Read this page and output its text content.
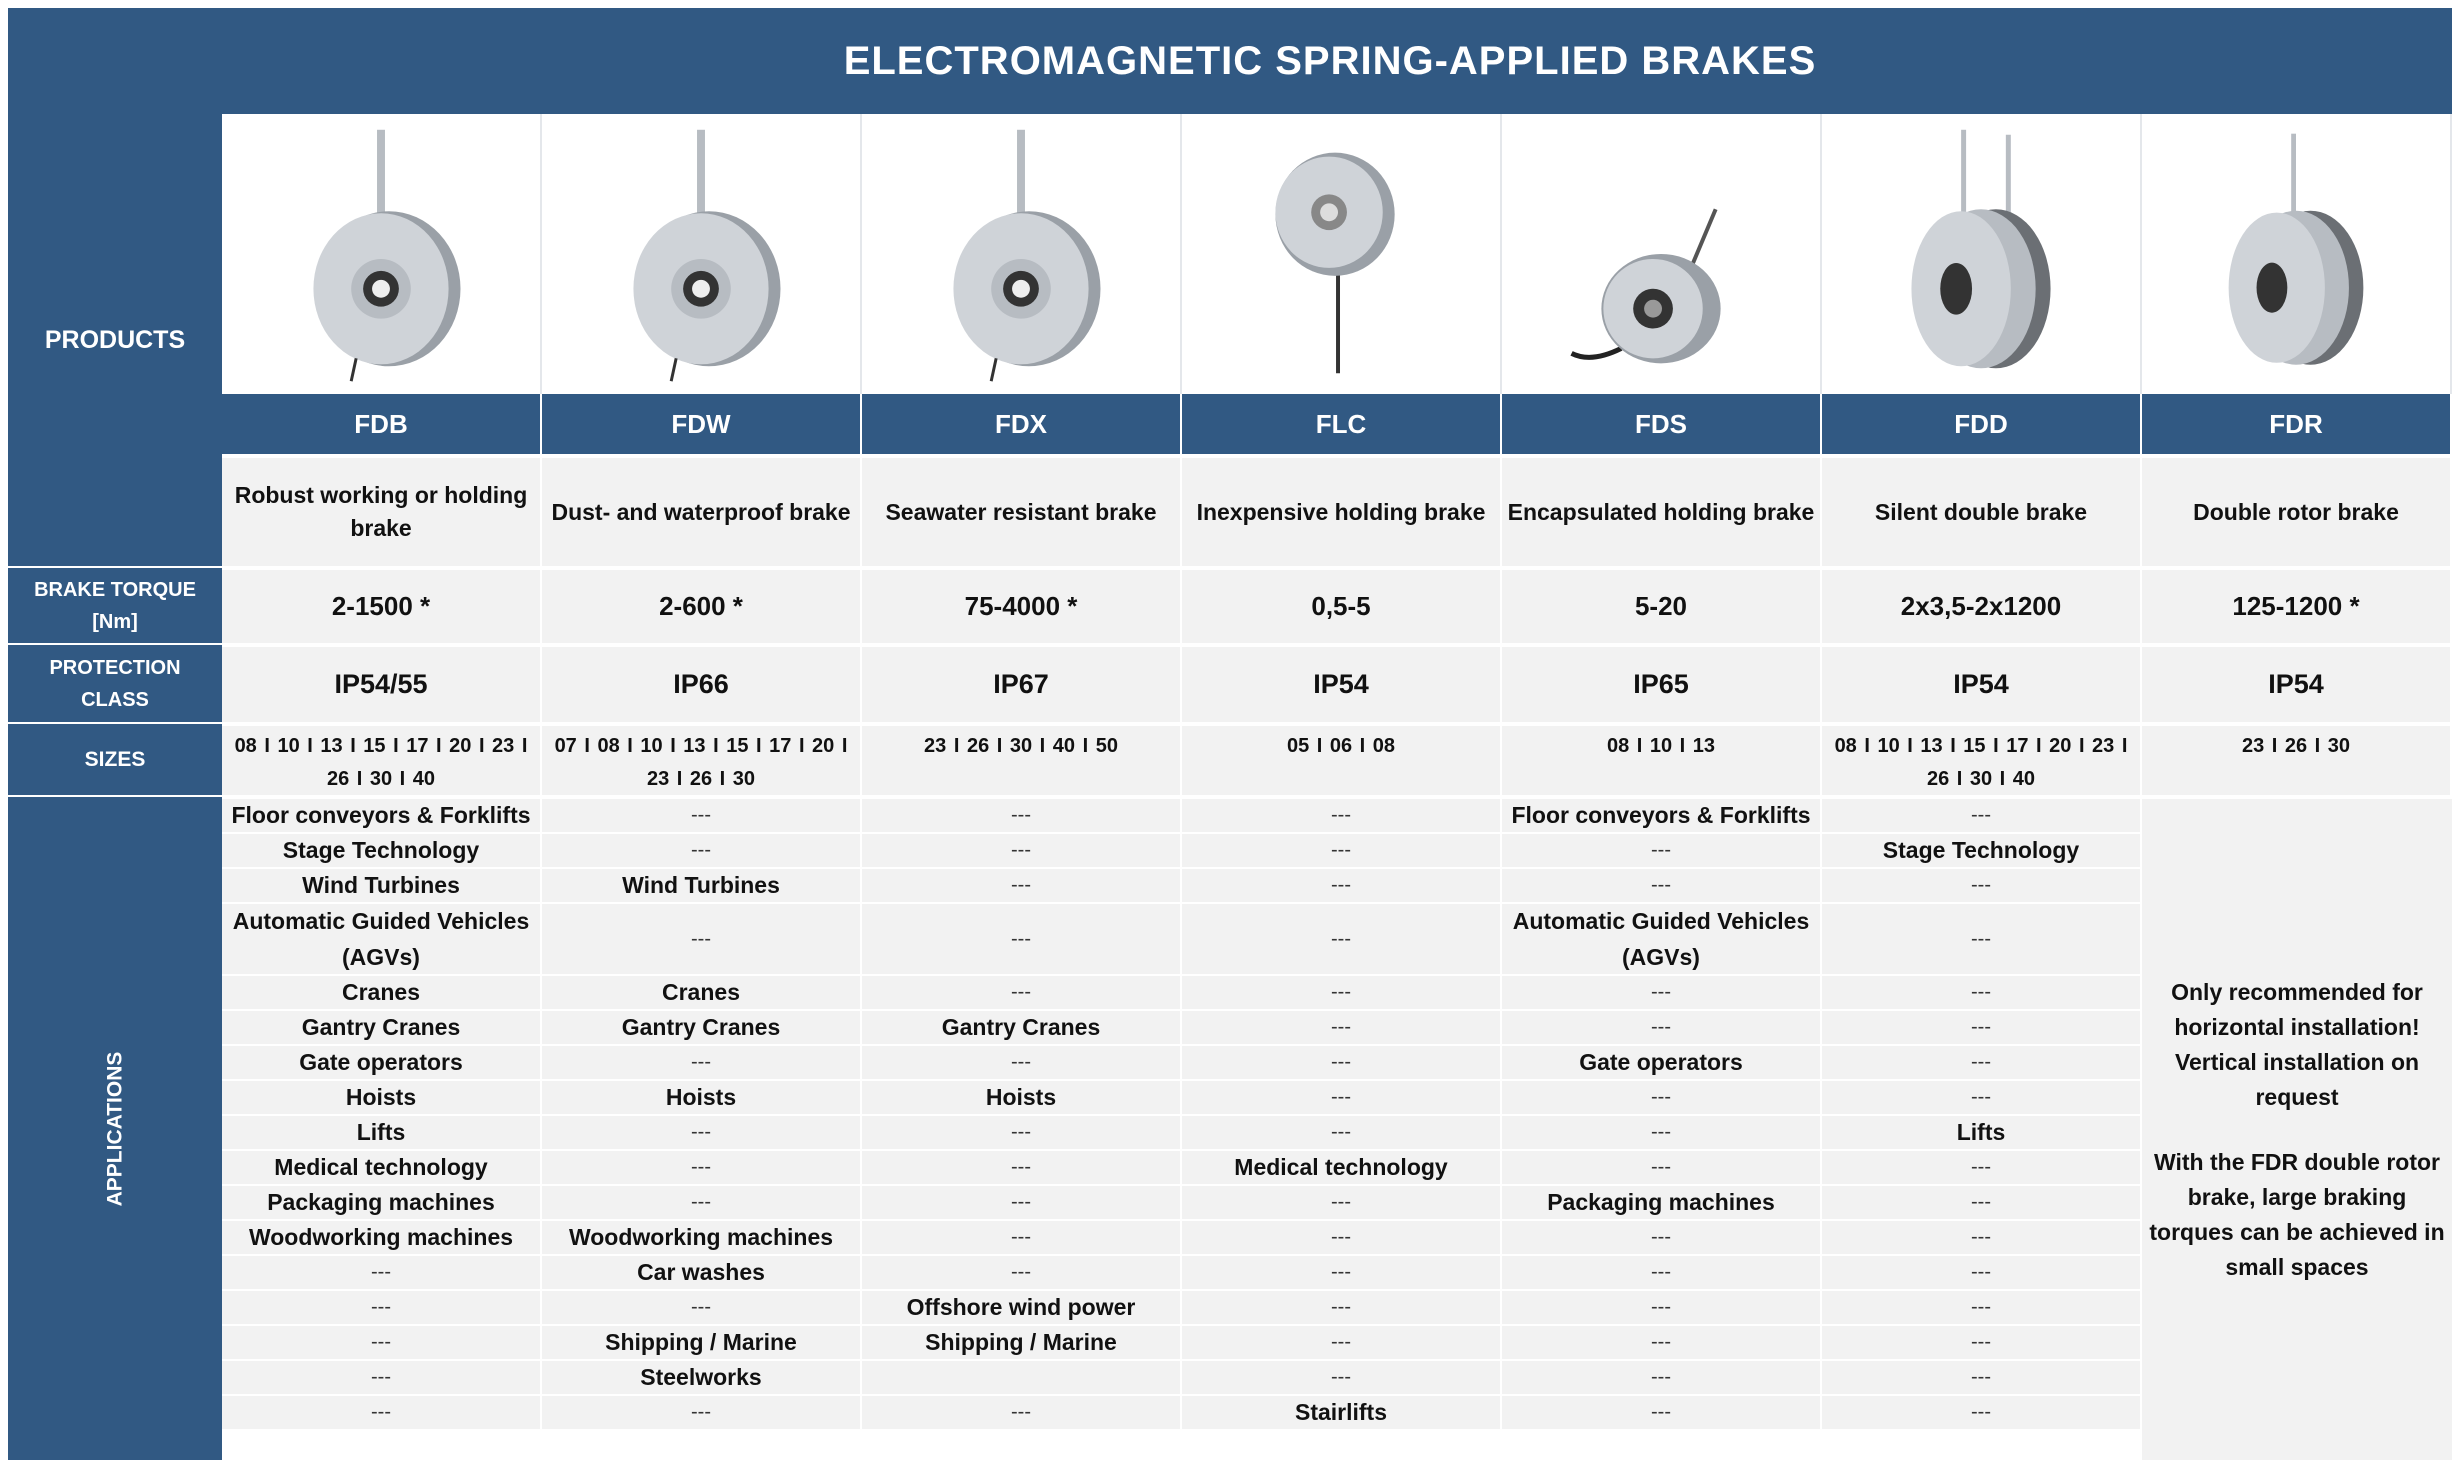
ELECTROMAGNETIC SPRING-APPLIED BRAKES
PRODUCTS
BRAKE TORQUE
[Nm]
PROTECTION
CLASS
SIZES
APPLICATIONS
FDB
Robust working or holding brake
2-1500 *
IP54/55
08 I 10 I 13 I 15 I 17 I 20 I 23 I 26 I 30 I 40
Floor conveyors & Forklifts
Stage Technology
Wind Turbines
Automatic Guided Vehicles (AGVs)
Cranes
Gantry Cranes
Gate operators
Hoists
Lifts
Medical technology
Packaging machines
Woodworking machines
---
---
---
---
---
FDW
Dust- and waterproof brake
2-600 *
IP66
07 I 08 I 10 I 13 I 15 I 17 I 20 I 23 I 26 I 30
---
---
Wind Turbines
---
Cranes
Gantry Cranes
---
Hoists
---
---
---
Woodworking machines
Car washes
---
Shipping / Marine
Steelworks
---
FDX
Seawater resistant brake
75-4000 *
IP67
23 I 26 I 30 I 40 I 50
---
---
---
---
---
Gantry Cranes
---
Hoists
---
---
---
---
---
Offshore wind power
Shipping / Marine
---
FLC
Inexpensive holding brake
0,5-5
IP54
05 I 06 I 08
---
---
---
---
---
---
---
---
---
Medical technology
---
---
---
---
---
---
Stairlifts
FDS
Encapsulated holding brake
5-20
IP65
08 I 10 I 13
Floor conveyors & Forklifts
---
---
Automatic Guided Vehicles (AGVs)
---
---
Gate operators
---
---
---
Packaging machines
---
---
---
---
---
---
FDD
Silent double brake
2x3,5-2x1200
IP54
08 I 10 I 13 I 15 I 17 I 20 I 23 I 26 I 30 I 40
---
Stage Technology
---
---
---
---
---
---
Lifts
---
---
---
---
---
---
---
---
FDR
Double rotor brake
125-1200 *
IP54
23 I 26 I 30

Only recommended for horizontal installation! Vertical installation on request

With the FDR double rotor brake, large braking torques can be achieved in small spaces
